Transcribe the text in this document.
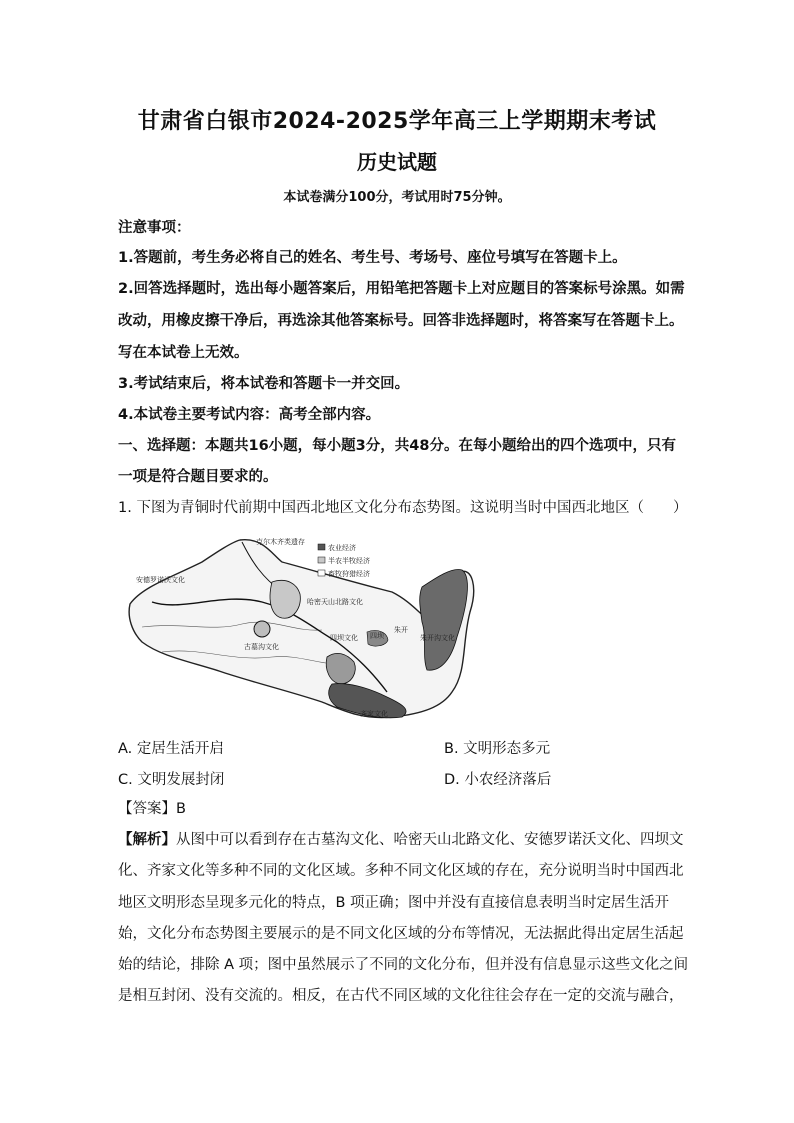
甘肃省白银市2024-2025学年高三上学期期末考试
历史试题
本试卷满分100分，考试用时75分钟。
注意事项：
1.答题前，考生务必将自己的姓名、考生号、考场号、座位号填写在答题卡上。
2.回答选择题时，选出每小题答案后，用铅笔把答题卡上对应题目的答案标号涂黑。如需
改动，用橡皮擦干净后，再选涂其他答案标号。回答非选择题时，将答案写在答题卡上。
写在本试卷上无效。
3.考试结束后，将本试卷和答题卡一并交回。
4.本试卷主要考试内容：高考全部内容。
一、选择题：本题共16小题，每小题3分，共48分。在每小题给出的四个选项中，只有
一项是符合题目要求的。
1. 下图为青铜时代前期中国西北地区文化分布态势图。这说明当时中国西北地区（　　）
农业经济
半农半牧经济
畜牧狩猎经济
克尔木齐类遗存
安德罗诺沃文化
哈密天山北路文化
古墓沟文化
四坝文化	朱开沟文化
齐家文化
四坝
朱开
A. 定居生活开启	B. 文明形态多元
C. 文明发展封闭	D. 小农经济落后
【答案】B
【解析】从图中可以看到存在古墓沟文化、哈密天山北路文化、安德罗诺沃文化、四坝文
化、齐家文化等多种不同的文化区域。多种不同文化区域的存在，充分说明当时中国西北
地区文明形态呈现多元化的特点，B 项正确；图中并没有直接信息表明当时定居生活开
始，文化分布态势图主要展示的是不同文化区域的分布等情况，无法据此得出定居生活起
始的结论，排除 A 项；图中虽然展示了不同的文化分布，但并没有信息显示这些文化之间
是相互封闭、没有交流的。相反，在古代不同区域的文化往往会存在一定的交流与融合，
